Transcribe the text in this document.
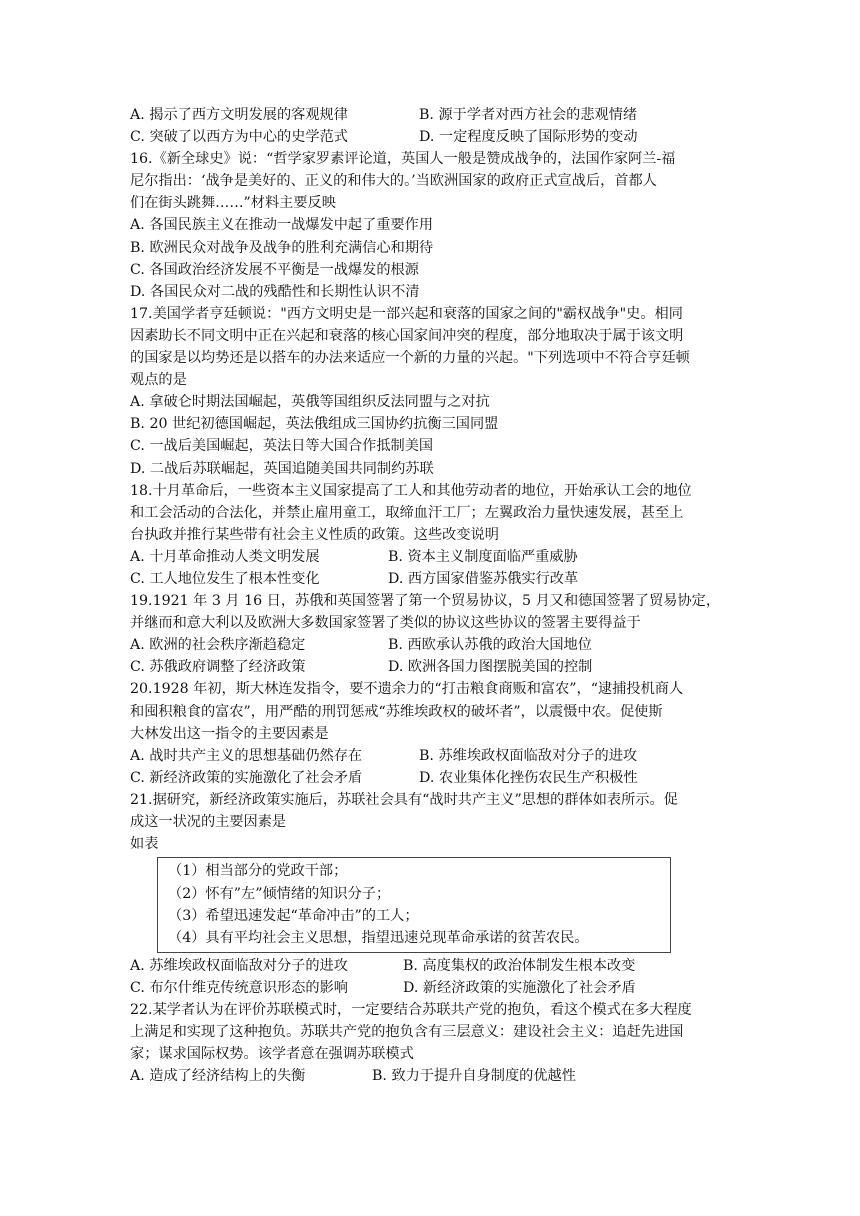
A. 揭示了西方文明发展的客观规律	B. 源于学者对西方社会的悲观情绪
C. 突破了以西方为中心的史学范式	D. 一定程度反映了国际形势的变动
16.《新全球史》说：“哲学家罗素评论道，英国人一般是赞成战争的，法国作家阿兰-福
尼尔指出：‘战争是美好的、正义的和伟大的。’当欧洲国家的政府正式宣战后，首都人
们在街头跳舞……”材料主要反映
A. 各国民族主义在推动一战爆发中起了重要作用
B. 欧洲民众对战争及战争的胜利充满信心和期待
C. 各国政治经济发展不平衡是一战爆发的根源
D. 各国民众对二战的残酷性和长期性认识不清
17.美国学者亨廷顿说："西方文明史是一部兴起和衰落的国家之间的"霸权战争"史。相同
因素助长不同文明中正在兴起和衰落的核心国家间冲突的程度，部分地取决于属于该文明
的国家是以均势还是以搭车的办法来适应一个新的力量的兴起。"下列选项中不符合亨廷顿
观点的是
A. 拿破仑时期法国崛起，英俄等国组织反法同盟与之对抗
B. 20 世纪初德国崛起，英法俄组成三国协约抗衡三国同盟
C. 一战后美国崛起，英法日等大国合作抵制美国
D. 二战后苏联崛起，英国追随美国共同制约苏联
18.十月革命后，一些资本主义国家提高了工人和其他劳动者的地位，开始承认工会的地位
和工会活动的合法化，并禁止雇用童工，取缔血汗工厂；左翼政治力量快速发展，甚至上
台执政并推行某些带有社会主义性质的政策。这些改变说明
A. 十月革命推动人类文明发展	B. 资本主义制度面临严重威胁
C. 工人地位发生了根本性变化	D. 西方国家借鉴苏俄实行改革
19.1921 年 3 月 16 日，苏俄和英国签署了第一个贸易协议，5 月又和德国签署了贸易协定，
并继而和意大利以及欧洲大多数国家签署了类似的协议这些协议的签署主要得益于
A. 欧洲的社会秩序渐趋稳定	B. 西欧承认苏俄的政治大国地位
C. 苏俄政府调整了经济政策	D. 欧洲各国力图摆脱美国的控制
20.1928 年初，斯大林连发指令，要不遗余力的“打击粮食商贩和富农”，“逮捕投机商人
和囤积粮食的富农”，用严酷的刑罚惩戒“苏维埃政权的破坏者”，以震慑中农。促使斯
大林发出这一指令的主要因素是
A. 战时共产主义的思想基础仍然存在	B. 苏维埃政权面临敌对分子的进攻
C. 新经济政策的实施激化了社会矛盾	D. 农业集体化挫伤农民生产积极性
21.据研究，新经济政策实施后，苏联社会具有“战时共产主义”思想的群体如表所示。促
成这一状况的主要因素是
如表
（1）相当部分的党政干部；
（2）怀有”左”倾情绪的知识分子；
（3）希望迅速发起“革命冲击”的工人；
（4）具有平均社会主义思想，指望迅速兑现革命承诺的贫苦农民。
A. 苏维埃政权面临敌对分子的进攻	B. 高度集权的政治体制发生根本改变
C. 布尔什维克传统意识形态的影响	D. 新经济政策的实施激化了社会矛盾
22.某学者认为在评价苏联模式时，一定要结合苏联共产党的抱负，看这个模式在多大程度
上满足和实现了这种抱负。苏联共产党的抱负含有三层意义：建设社会主义：追赶先进国
家；谋求国际权势。该学者意在强调苏联模式
A. 造成了经济结构上的失衡	B. 致力于提升自身制度的优越性
